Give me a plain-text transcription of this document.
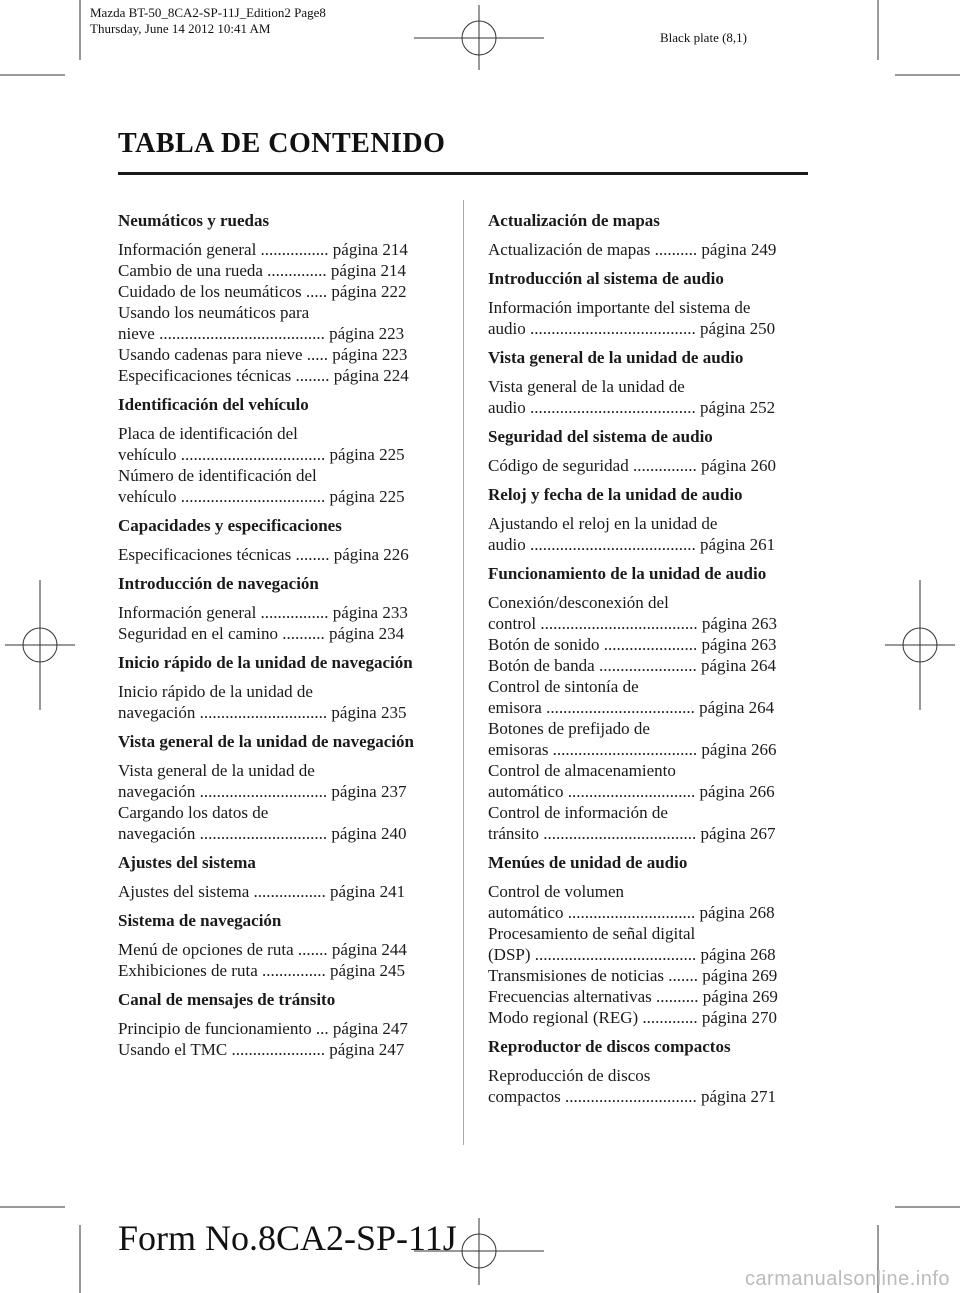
Mazda BT-50_8CA2-SP-11J_Edition2 Page8
Thursday, June 14 2012 10:41 AM
Black plate (8,1)
TABLA DE CONTENIDO
Neumáticos y ruedas
Información general ................ página 214
Cambio de una rueda .............. página 214
Cuidado de los neumáticos ..... página 222
Usando los neumáticos para
nieve ....................................... página 223
Usando cadenas para nieve ..... página 223
Especificaciones técnicas ........ página 224
Identificación del vehículo
Placa de identificación del
vehículo .................................. página 225
Número de identificación del
vehículo .................................. página 225
Capacidades y especificaciones
Especificaciones técnicas ........ página 226
Introducción de navegación
Información general ................ página 233
Seguridad en el camino .......... página 234
Inicio rápido de la unidad de navegación
Inicio rápido de la unidad de
navegación .............................. página 235
Vista general de la unidad de navegación
Vista general de la unidad de
navegación .............................. página 237
Cargando los datos de
navegación .............................. página 240
Ajustes del sistema
Ajustes del sistema ................. página 241
Sistema de navegación
Menú de opciones de ruta ....... página 244
Exhibiciones de ruta ............... página 245
Canal de mensajes de tránsito
Principio de funcionamiento ... página 247
Usando el TMC ...................... página 247
Actualización de mapas
Actualización de mapas .......... página 249
Introducción al sistema de audio
Información importante del sistema de
audio ....................................... página 250
Vista general de la unidad de audio
Vista general de la unidad de
audio ....................................... página 252
Seguridad del sistema de audio
Código de seguridad ............... página 260
Reloj y fecha de la unidad de audio
Ajustando el reloj en la unidad de
audio ....................................... página 261
Funcionamiento de la unidad de audio
Conexión/desconexión del
control ..................................... página 263
Botón de sonido ...................... página 263
Botón de banda ....................... página 264
Control de sintonía de
emisora ................................... página 264
Botones de prefijado de
emisoras .................................. página 266
Control de almacenamiento
automático .............................. página 266
Control de información de
tránsito .................................... página 267
Menúes de unidad de audio
Control de volumen
automático .............................. página 268
Procesamiento de señal digital
(DSP) ...................................... página 268
Transmisiones de noticias ....... página 269
Frecuencias alternativas .......... página 269
Modo regional (REG) ............. página 270
Reproductor de discos compactos
Reproducción de discos
compactos ............................... página 271
Form No.8CA2-SP-11J
carmanualsonline.info
